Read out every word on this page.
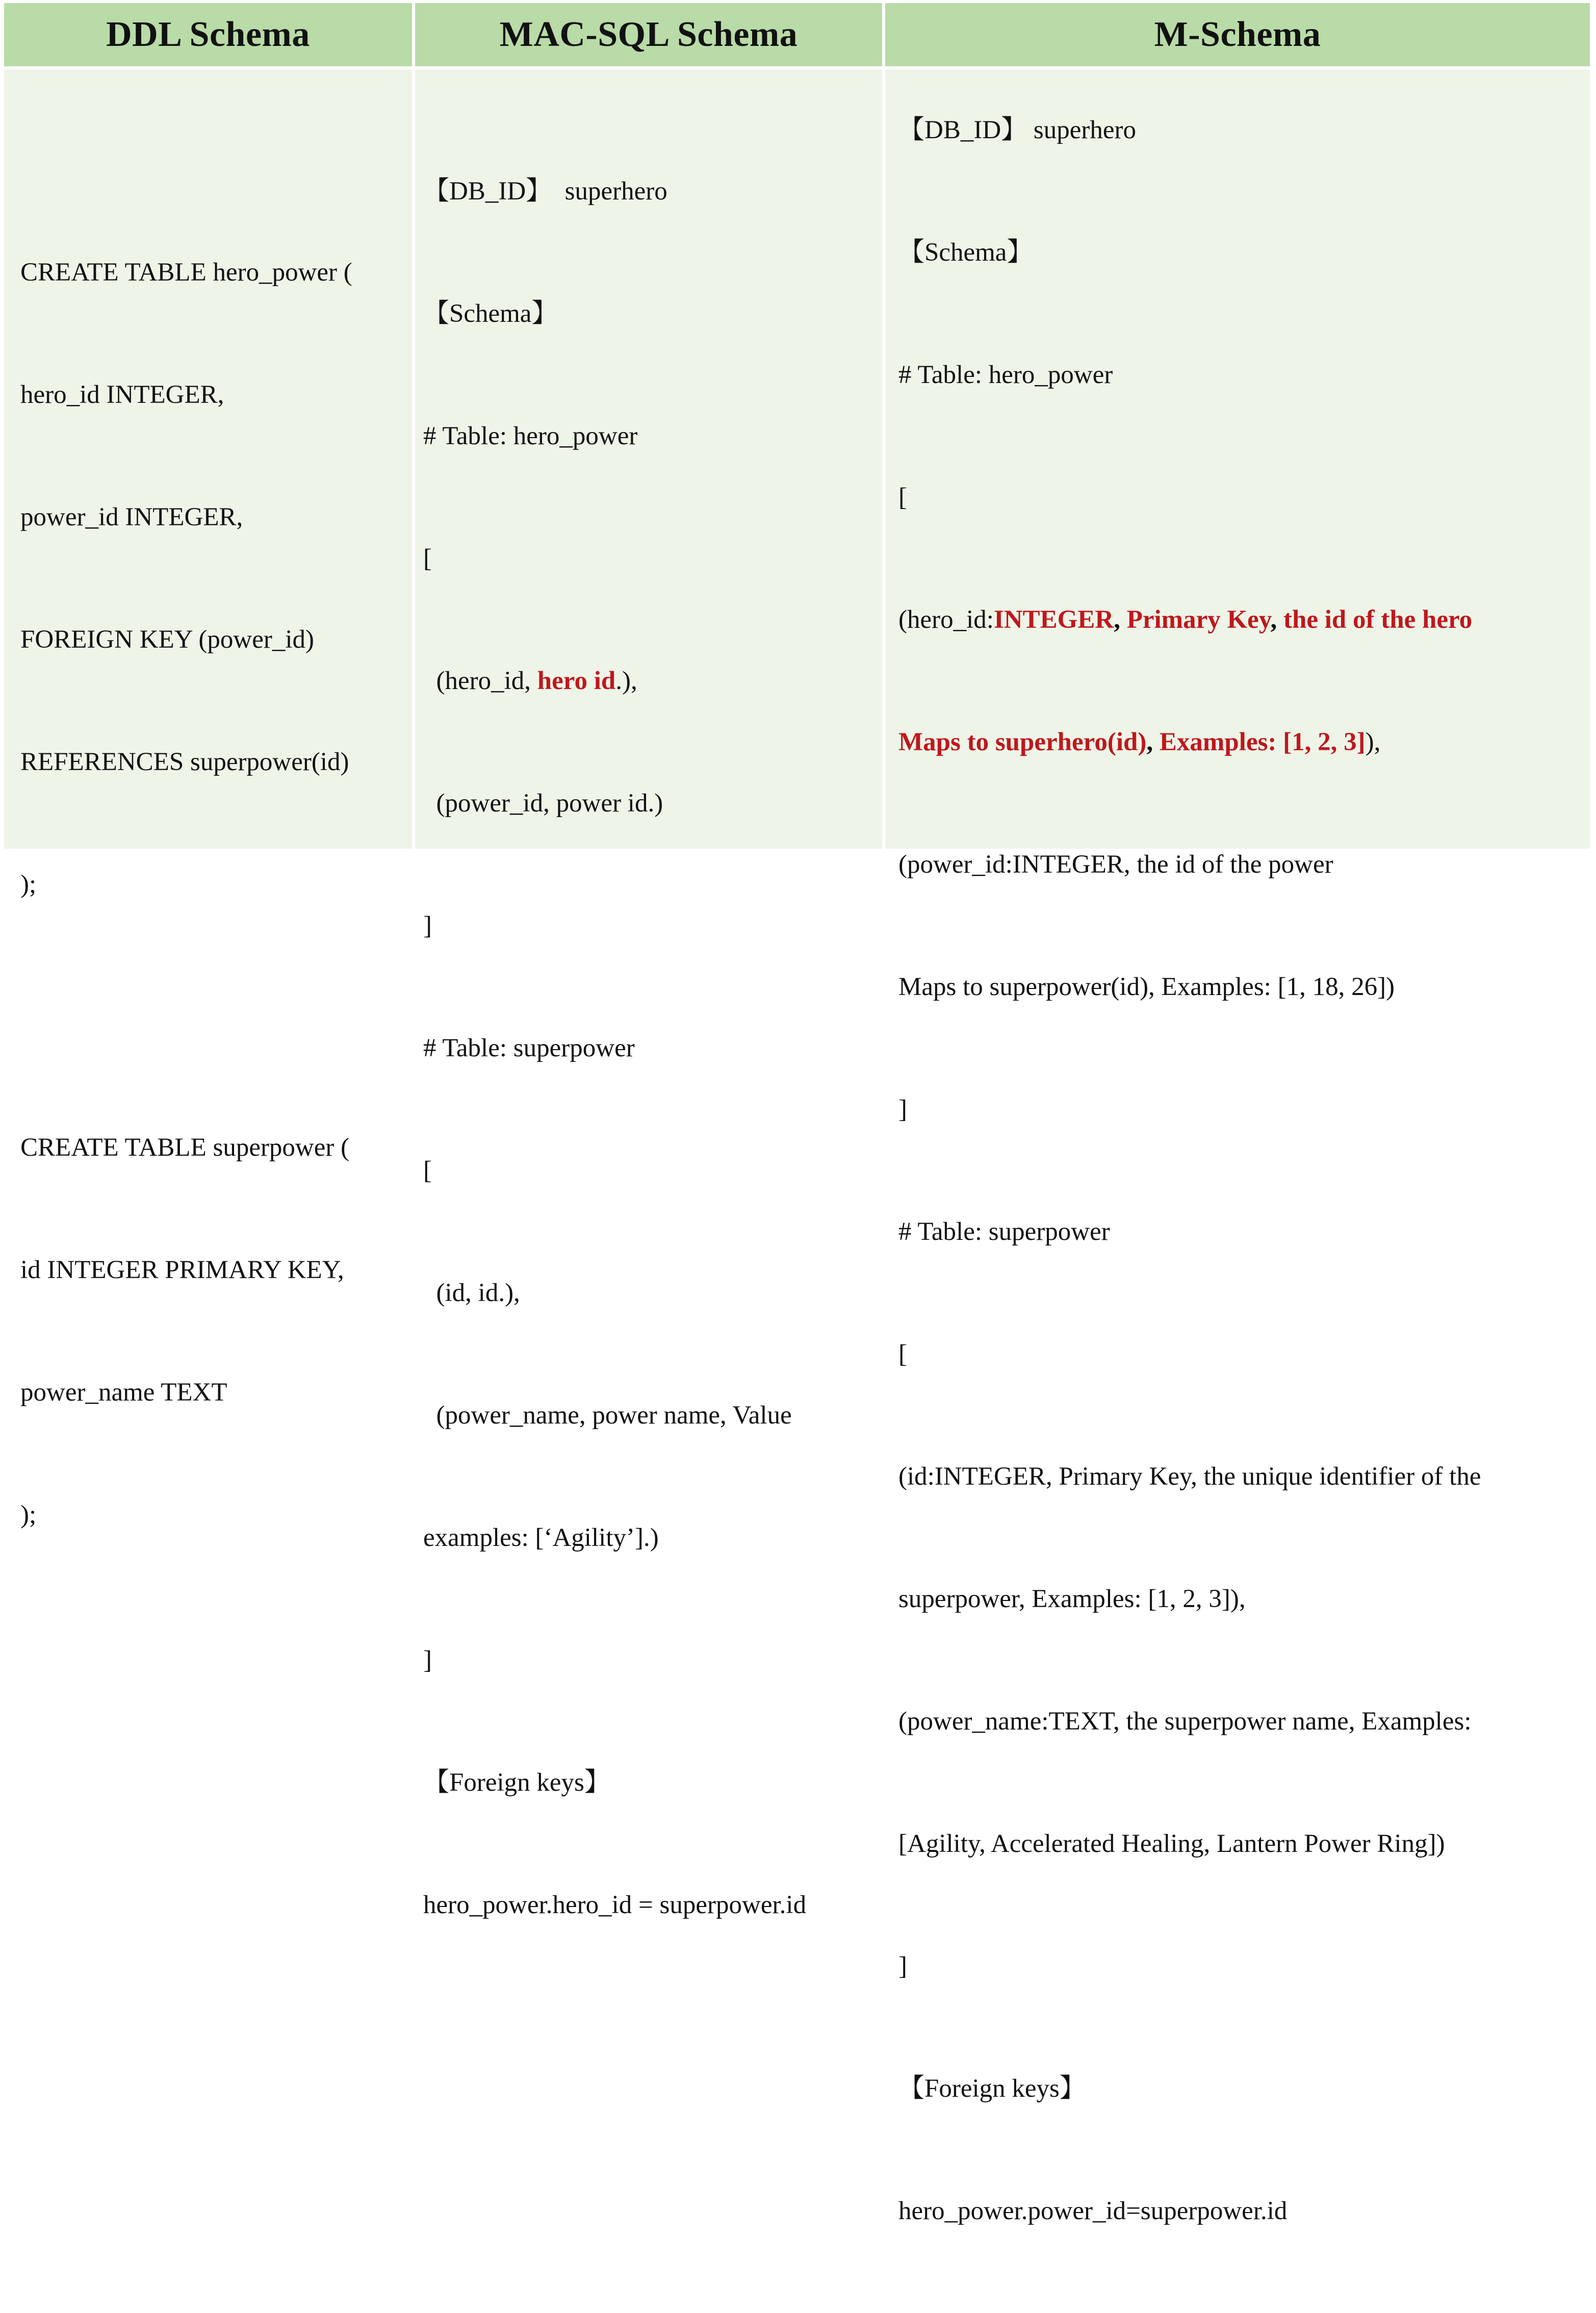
DDL Schema	MAC-SQL Schema	M-Schema

CREATE TABLE hero_power (

hero_id INTEGER,

power_id INTEGER,

FOREIGN KEY (power_id)

REFERENCES superpower(id)

);

CREATE TABLE superpower (

id INTEGER PRIMARY KEY,

power_name TEXT

);

【DB_ID】  superhero

【Schema】

# Table: hero_power

[

(hero_id, hero id.),

(power_id, power id.)

]

# Table: superpower

[

(id, id.),

(power_name, power name, Value

examples: [‘Agility’].)

]

【Foreign keys】

hero_power.hero_id = superpower.id

【DB_ID】 superhero

【Schema】

# Table: hero_power

[

(hero_id:INTEGER, Primary Key, the id of the hero

Maps to superhero(id), Examples: [1, 2, 3]),

(power_id:INTEGER, the id of the power

Maps to superpower(id), Examples: [1, 18, 26])

]

# Table: superpower

[

(id:INTEGER, Primary Key, the unique identifier of the

superpower, Examples: [1, 2, 3]),

(power_name:TEXT, the superpower name, Examples:

[Agility, Accelerated Healing, Lantern Power Ring])

]

【Foreign keys】

hero_power.power_id=superpower.id
